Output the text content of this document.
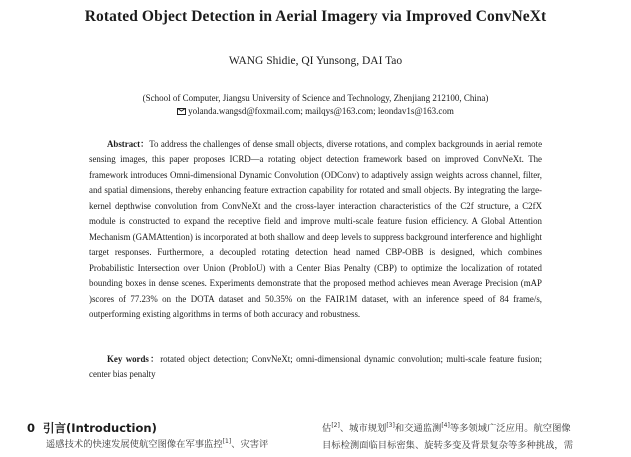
Rotated Object Detection in Aerial Imagery via Improved ConvNeXt
WANG Shidie, QI Yunsong, DAI Tao
(School of Computer, Jiangsu University of Science and Technology, Zhenjiang 212100, China)
yolanda.wangsd@foxmail.com; mailqys@163.com; leondav1s@163.com
Abstract：To address the challenges of dense small objects, diverse rotations, and complex backgrounds in aerial remote sensing images, this paper proposes ICRD—a rotating object detection framework based on improved ConvNeXt. The framework introduces Omni-dimensional Dynamic Convolution (ODConv) to adaptively assign weights across channel, filter, and spatial dimensions, thereby enhancing feature extraction capability for rotated and small objects. By integrating the large-kernel depthwise convolution from ConvNeXt and the cross-layer interaction characteristics of the C2f structure, a C2fX module is constructed to expand the receptive field and improve multi-scale feature fusion efficiency. A Global Attention Mechanism (GAMAttention) is incorporated at both shallow and deep levels to suppress background interference and highlight target responses. Furthermore, a decoupled rotating detection head named CBP-OBB is designed, which combines Probabilistic Intersection over Union (ProbIoU) with a Center Bias Penalty (CBP) to optimize the localization of rotated bounding boxes in dense scenes. Experiments demonstrate that the proposed method achieves mean Average Precision (mAP )scores of 77.23% on the DOTA dataset and 50.35% on the FAIR1M dataset, with an inference speed of 84 frame/s, outperforming existing algorithms in terms of both accuracy and robustness.
Key words：rotated object detection; ConvNeXt; omni-dimensional dynamic convolution; multi-scale feature fusion; center bias penalty
0 引言(Introduction)
遥感技术的快速发展使航空图像在军事监控[1]、灾害评
估[2]、城市规划[3]和交通监测[4]等多领域广泛应用。航空图像
目标检测面临目标密集、旋转多变及背景复杂等多种挑战，需
